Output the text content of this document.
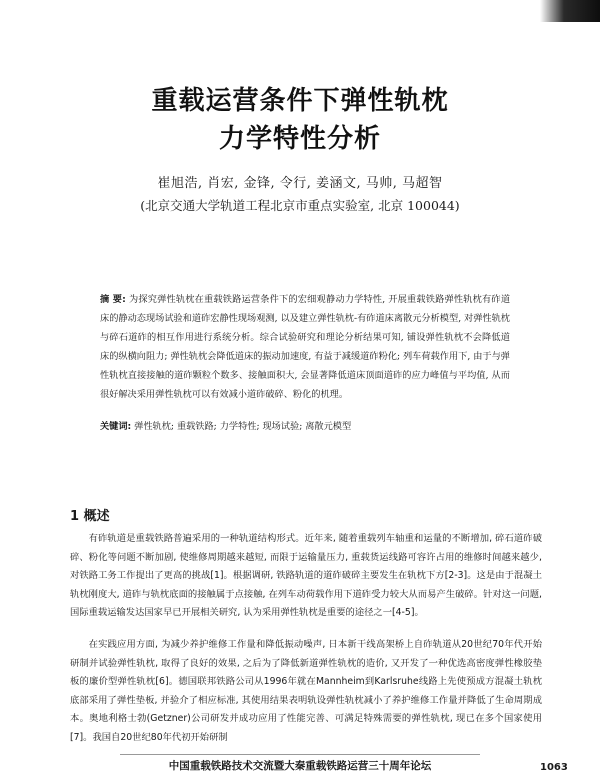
重载运营条件下弹性轨枕
力学特性分析

崔旭浩, 肖宏, 金锋, 令行, 姜涵文, 马帅, 马超智

(北京交通大学轨道工程北京市重点实验室, 北京 100044)

摘 要: 为探究弹性轨枕在重载铁路运营条件下的宏细观静动力学特性, 开展重载铁路弹性轨枕有砟道床的静动态现场试验和道砟宏静性现场观测, 以及建立弹性轨枕-有砟道床离散元分析模型, 对弹性轨枕与碎石道砟的相互作用进行系统分析。综合试验研究和理论分析结果可知, 铺设弹性轨枕不会降低道床的纵横向阻力; 弹性轨枕会降低道床的振动加速度, 有益于减缓道砟粉化; 列车荷载作用下, 由于与弹性轨枕直接接触的道砟颗粒个数多、接触面积大, 会显著降低道床顶面道砟的应力峰值与平均值, 从而很好解决采用弹性轨枕可以有效减小道砟破碎、粉化的机理。

关键词: 弹性轨枕; 重载铁路; 力学特性; 现场试验; 离散元模型

1 概述

有砟轨道是重载铁路普遍采用的一种轨道结构形式。近年来, 随着重载列车轴重和运量的不断增加, 碎石道砟破碎、粉化等问题不断加剧, 使维修周期越来越短, 而限于运输量压力, 重载货运线路可容许占用的维修时间越来越少, 对铁路工务工作提出了更高的挑战[1]。根据调研, 铁路轨道的道砟破碎主要发生在轨枕下方[2-3]。这是由于混凝土轨枕刚度大, 道砟与轨枕底面的接触属于点接触, 在列车动荷载作用下道砟受力较大从而易产生破碎。针对这一问题, 国际重载运输发达国家早已开展相关研究, 认为采用弹性轨枕是重要的途径之一[4-5]。

在实践应用方面, 为减少养护维修工作量和降低振动噪声, 日本新干线高架桥上自砟轨道从20世纪70年代开始研制并试验弹性轨枕, 取得了良好的效果, 之后为了降低新道弹性轨枕的造价, 又开发了一种优选高密度弹性橡胶垫板的廉价型弹性轨枕[6]。德国联邦铁路公司从1996年就在Mannheim到Karlsruhe线路上先使预成方混凝土轨枕底部采用了弹性垫板, 并验介了相应标准, 其使用结果表明轨设弹性轨枕减小了养护维修工作量并降低了生命周期成本。奥地利格士勃(Getzner)公司研发并成功应用了性能完善、可满足特殊需要的弹性轨枕, 现已在多个国家使用[7]。我国自20世纪80年代初开始研制

中国重载铁路技术交流暨大秦重载铁路运营三十周年论坛	1063
